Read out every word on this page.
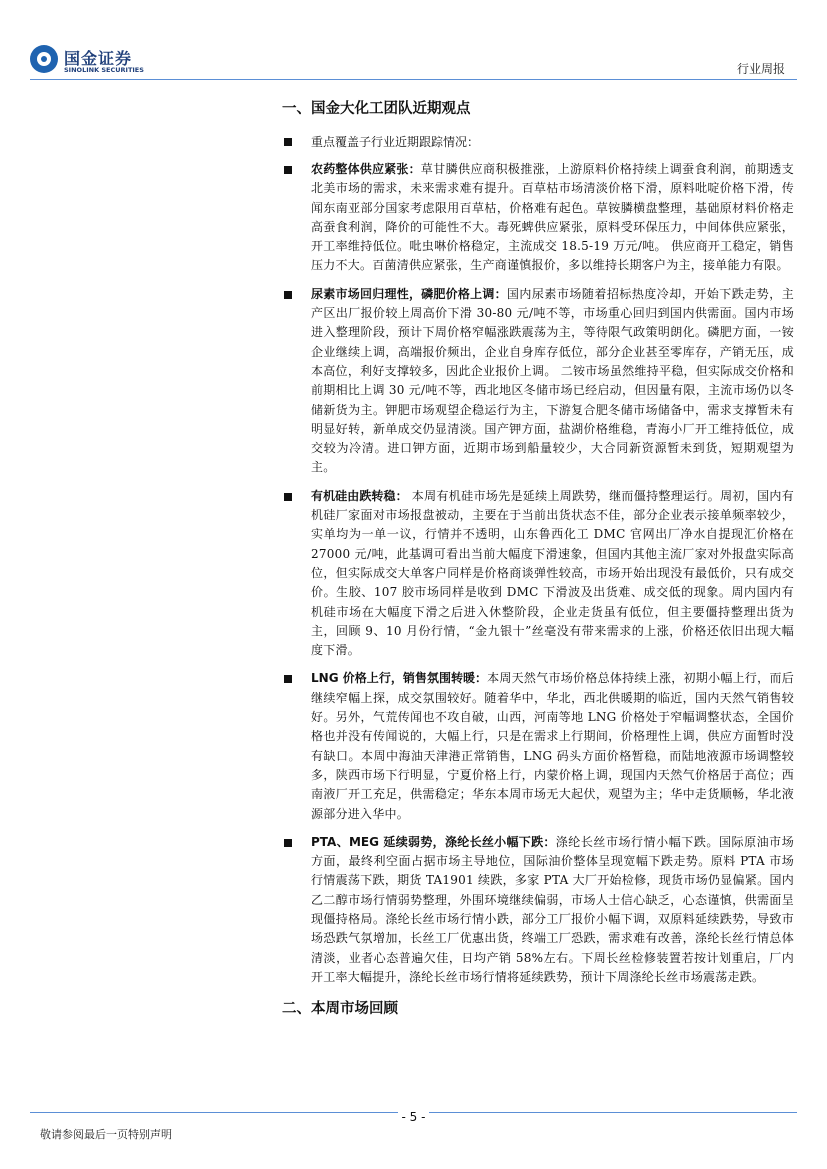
国金证券
SINOLINK SECURITIES	行业周报
一、国金大化工团队近期观点

重点覆盖子行业近期跟踪情况：

农药整体供应紧张：草甘膦供应商积极推涨，上游原料价格持续上调蚕食利润，前期透支北美市场的需求，未来需求难有提升。百草枯市场清淡价格下滑，原料吡啶价格下滑，传闻东南亚部分国家考虑限用百草枯，价格难有起色。草铵膦横盘整理，基础原材料价格走高蚕食利润，降价的可能性不大。毒死蜱供应紧张，原料受环保压力，中间体供应紧张，开工率维持低位。吡虫啉价格稳定，主流成交 18.5-19 万元/吨。 供应商开工稳定，销售压力不大。百菌清供应紧张，生产商谨慎报价，多以维持长期客户为主，接单能力有限。

尿素市场回归理性，磷肥价格上调：国内尿素市场随着招标热度冷却，开始下跌走势，主产区出厂报价较上周高价下滑 30-80 元/吨不等，市场重心回归到国内供需面。国内市场进入整理阶段，预计下周价格窄幅涨跌震荡为主，等待限气政策明朗化。磷肥方面，一铵企业继续上调，高端报价频出，企业自身库存低位，部分企业甚至零库存，产销无压，成本高位，利好支撑较多，因此企业报价上调。 二铵市场虽然维持平稳，但实际成交价格和前期相比上调 30 元/吨不等，西北地区冬储市场已经启动，但因量有限，主流市场仍以冬储新货为主。钾肥市场观望企稳运行为主，下游复合肥冬储市场储备中，需求支撑暂未有明显好转，新单成交仍显清淡。国产钾方面，盐湖价格维稳，青海小厂开工维持低位，成交较为冷清。进口钾方面，近期市场到船量较少，大合同新资源暂未到货，短期观望为主。

有机硅由跌转稳： 本周有机硅市场先是延续上周跌势，继而僵持整理运行。周初，国内有机硅厂家面对市场报盘被动，主要在于当前出货状态不佳，部分企业表示接单频率较少，实单均为一单一议，行情并不透明，山东鲁西化工 DMC 官网出厂净水自提现汇价格在 27000 元/吨，此基调可看出当前大幅度下滑速象，但国内其他主流厂家对外报盘实际高位，但实际成交大单客户同样是价格商谈弹性较高，市场开始出现没有最低价，只有成交价。生胶、107 胶市场同样是收到 DMC 下滑波及出货难、成交低的现象。周内国内有机硅市场在大幅度下滑之后进入休整阶段，企业走货虽有低位，但主要僵持整理出货为主，回顾 9、10 月份行情，“金九银十”丝毫没有带来需求的上涨，价格还依旧出现大幅度下滑。

LNG 价格上行，销售氛围转暖：本周天然气市场价格总体持续上涨，初期小幅上行，而后继续窄幅上探，成交氛围较好。随着华中，华北，西北供暖期的临近，国内天然气销售较好。另外，气荒传闻也不攻自破，山西，河南等地 LNG 价格处于窄幅调整状态，全国价格也并没有传闻说的，大幅上行，只是在需求上行期间，价格理性上调，供应方面暂时没有缺口。本周中海油天津港正常销售，LNG 码头方面价格暂稳，而陆地液源市场调整较多，陕西市场下行明显，宁夏价格上行，内蒙价格上调，现国内天然气价格居于高位；西南液厂开工充足，供需稳定；华东本周市场无大起伏，观望为主；华中走货顺畅，华北液源部分进入华中。

PTA、MEG 延续弱势，涤纶长丝小幅下跌：涤纶长丝市场行情小幅下跌。国际原油市场方面，最终利空面占据市场主导地位，国际油价整体呈现宽幅下跌走势。原料 PTA 市场行情震荡下跌，期货 TA1901 续跌，多家 PTA 大厂开始检修，现货市场仍显偏紧。国内乙二醇市场行情弱势整理，外围环境继续偏弱，市场人士信心缺乏，心态谨慎，供需面呈现僵持格局。涤纶长丝市场行情小跌，部分工厂报价小幅下调，双原料延续跌势，导致市场恐跌气氛增加，长丝工厂优惠出货，终端工厂恐跌，需求难有改善，涤纶长丝行情总体清淡，业者心态普遍欠佳，日均产销 58%左右。下周长丝检修装置若按计划重启，厂内开工率大幅提升，涤纶长丝市场行情将延续跌势，预计下周涤纶长丝市场震荡走跌。

二、本周市场回顾
- 5 -
敬请参阅最后一页特别声明
